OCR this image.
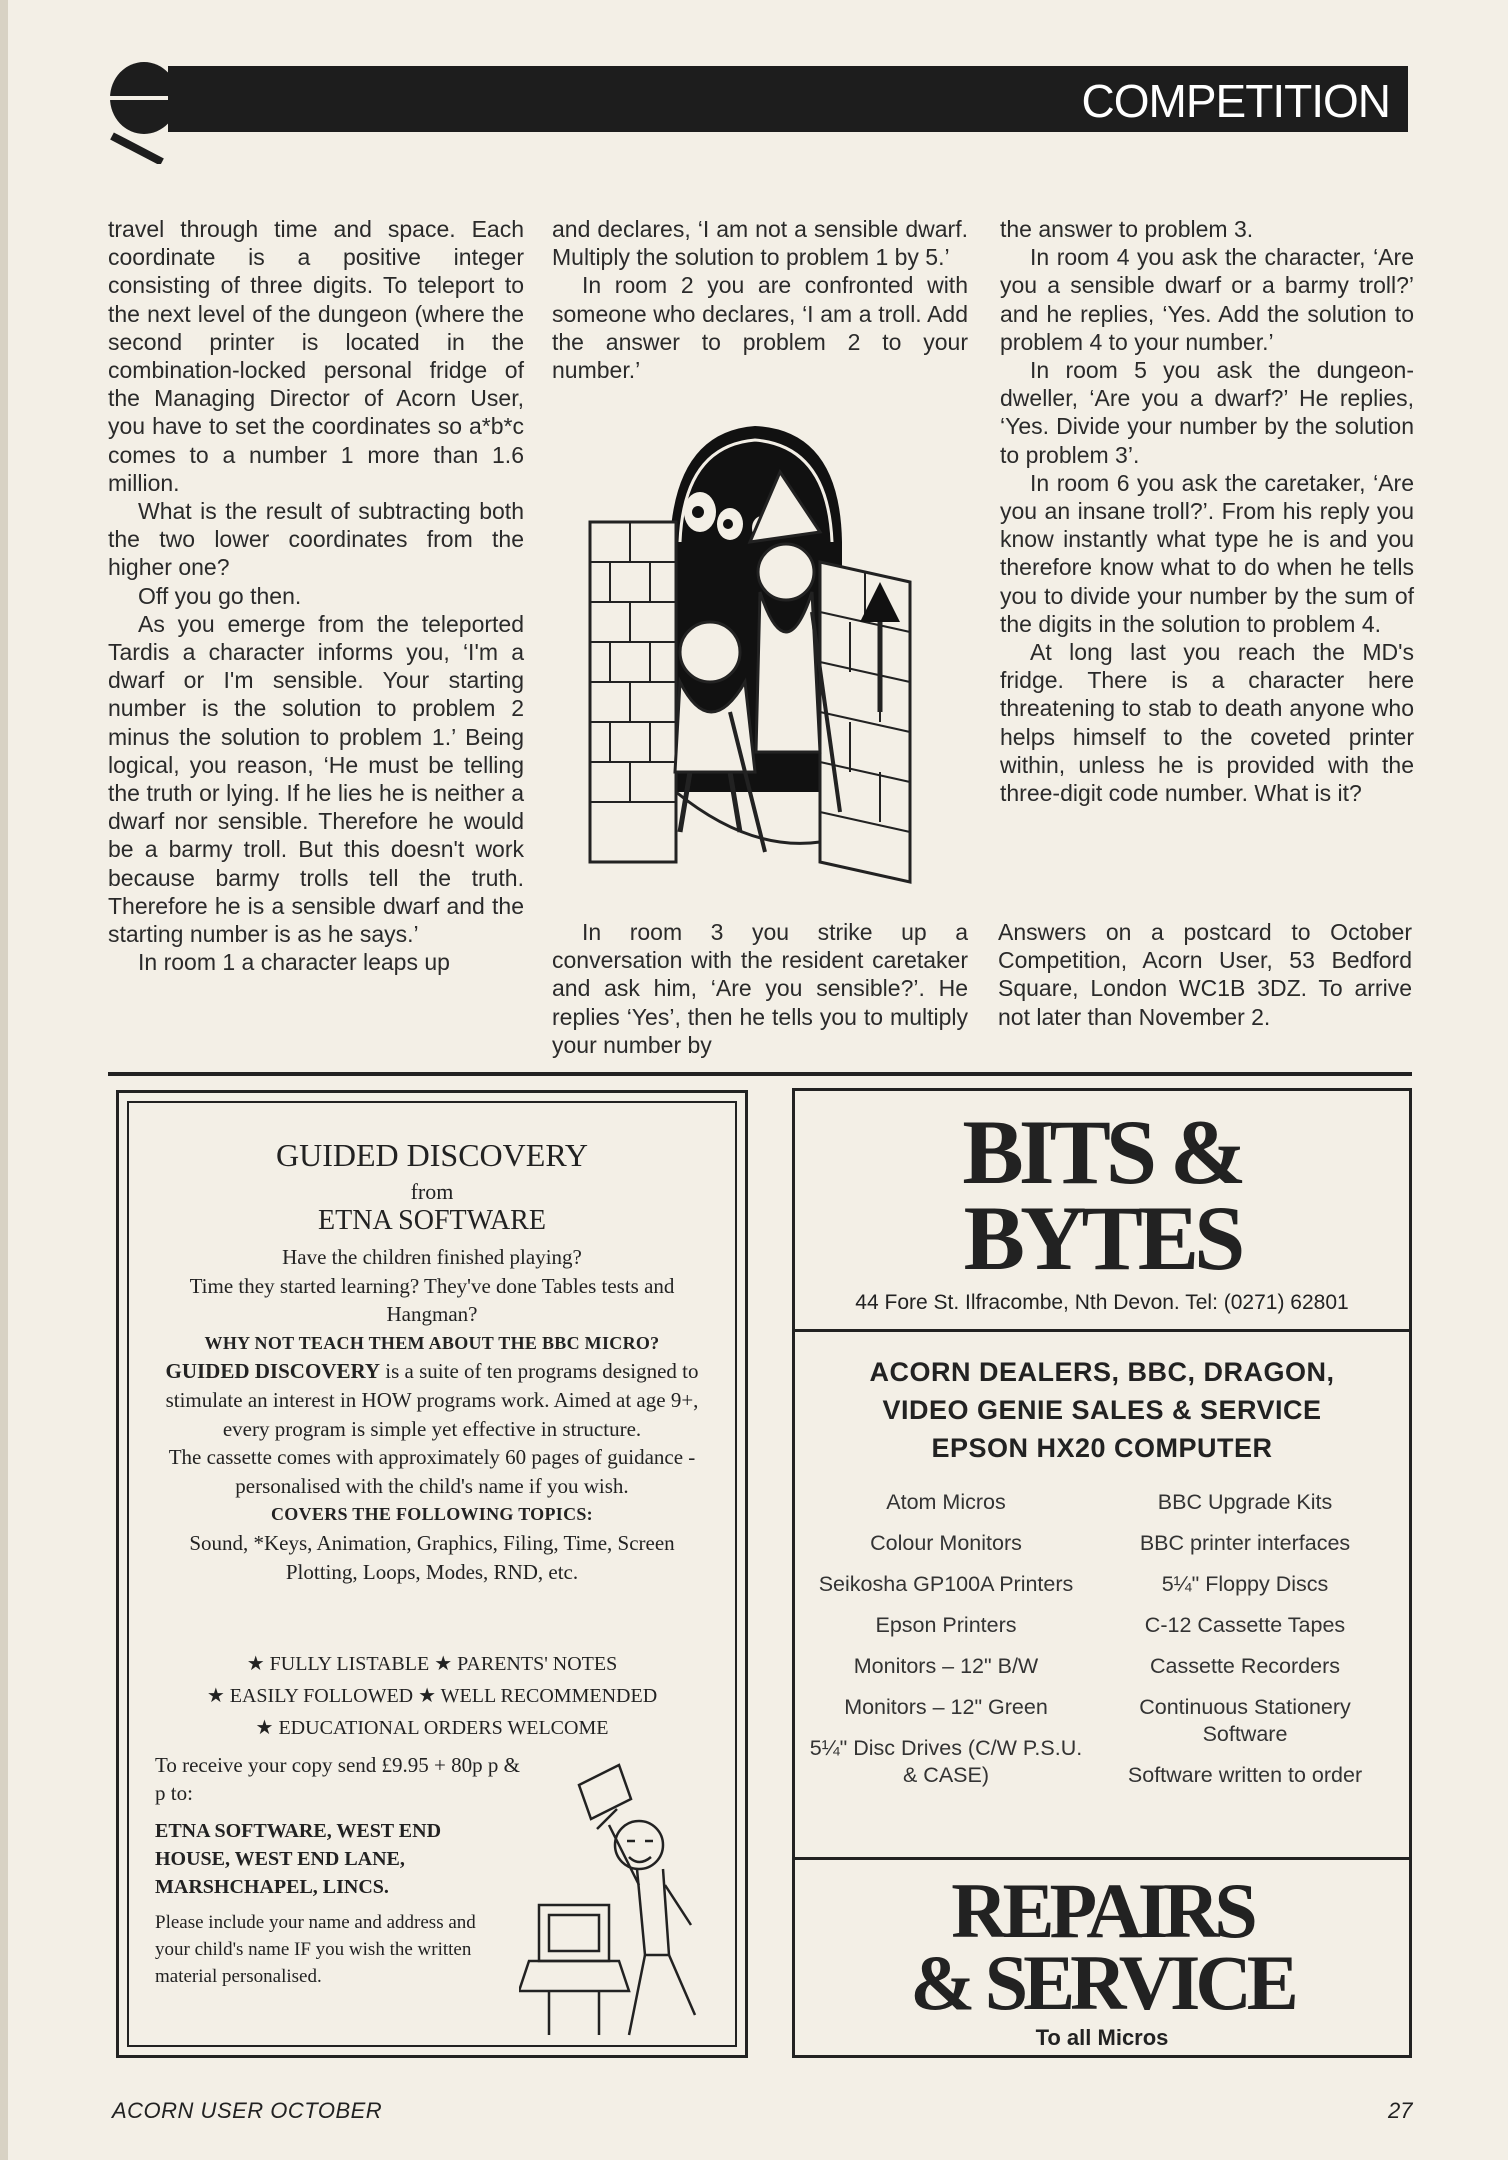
COMPETITION

travel through time and space. Each coordinate is a positive integer consisting of three digits. To teleport to the next level of the dungeon (where the second printer is located in the combination-locked personal fridge of the Managing Director of Acorn User, you have to set the coordinates so a*b*c comes to a number 1 more than 1.6 million.

What is the result of subtracting both the two lower coordinates from the higher one?

Off you go then.

As you emerge from the teleported Tardis a character informs you, ‘I'm a dwarf or I'm sensible. Your starting number is the solution to problem 2 minus the solution to problem 1.’ Being logical, you reason, ‘He must be telling the truth or lying. If he lies he is neither a dwarf nor sensible. Therefore he would be a barmy troll. But this doesn't work because barmy trolls tell the truth. Therefore he is a sensible dwarf and the starting number is as he says.’

In room 1 a character leaps up

and declares, ‘I am not a sensible dwarf. Multiply the solution to problem 1 by 5.’

In room 2 you are confronted with someone who declares, ‘I am a troll. Add the answer to problem 2 to your number.’

In room 3 you strike up a conversation with the resident caretaker and ask him, ‘Are you sensible?’. He replies ‘Yes’, then he tells you to multiply your number by

the answer to problem 3.

In room 4 you ask the character, ‘Are you a sensible dwarf or a barmy troll?’ and he replies, ‘Yes. Add the solution to problem 4 to your number.’

In room 5 you ask the dungeon-dweller, ‘Are you a dwarf?’ He replies, ‘Yes. Divide your number by the solution to problem 3’.

In room 6 you ask the caretaker, ‘Are you an insane troll?’. From his reply you know instantly what type he is and you therefore know what to do when he tells you to divide your number by the sum of the digits in the solution to problem 4.

At long last you reach the MD's fridge. There is a character here threatening to stab to death anyone who helps himself to the coveted printer within, unless he is provided with the three-digit code number. What is it?

Answers on a postcard to October Competition, Acorn User, 53 Bedford Square, London WC1B 3DZ. To arrive not later than November 2.
GUIDED DISCOVERY
from
ETNA SOFTWARE
Have the children finished playing?
Time they started learning? They've done Tables tests and Hangman?
WHY NOT TEACH THEM ABOUT THE BBC MICRO?
GUIDED DISCOVERY is a suite of ten programs designed to stimulate an interest in HOW programs work. Aimed at age 9+, every program is simple yet effective in structure.
The cassette comes with approximately 60 pages of guidance - personalised with the child's name if you wish.
COVERS THE FOLLOWING TOPICS:
Sound, *Keys, Animation, Graphics, Filing, Time, Screen Plotting, Loops, Modes, RND, etc.
★ FULLY LISTABLE ★ PARENTS' NOTES
★ EASILY FOLLOWED ★ WELL RECOMMENDED
★ EDUCATIONAL ORDERS WELCOME
To receive your copy send £9.95 + 80p p & p to:
ETNA SOFTWARE, WEST END HOUSE, WEST END LANE, MARSHCHAPEL, LINCS.
Please include your name and address and your child's name IF you wish the written material personalised.
BITS &
BYTES
44 Fore St. Ilfracombe, Nth Devon. Tel: (0271) 62801
ACORN DEALERS, BBC, DRAGON,
VIDEO GENIE SALES & SERVICE
EPSON HX20 COMPUTER
Atom Micros
Colour Monitors
Seikosha GP100A Printers
Epson Printers
Monitors – 12" B/W
Monitors – 12" Green
5¼" Disc Drives (C/W P.S.U. & CASE)
BBC Upgrade Kits
BBC printer interfaces
5¼" Floppy Discs
C-12 Cassette Tapes
Cassette Recorders
Continuous Stationery Software
Software written to order
REPAIRS
& SERVICE
To all Micros
ACORN USER OCTOBER	27
